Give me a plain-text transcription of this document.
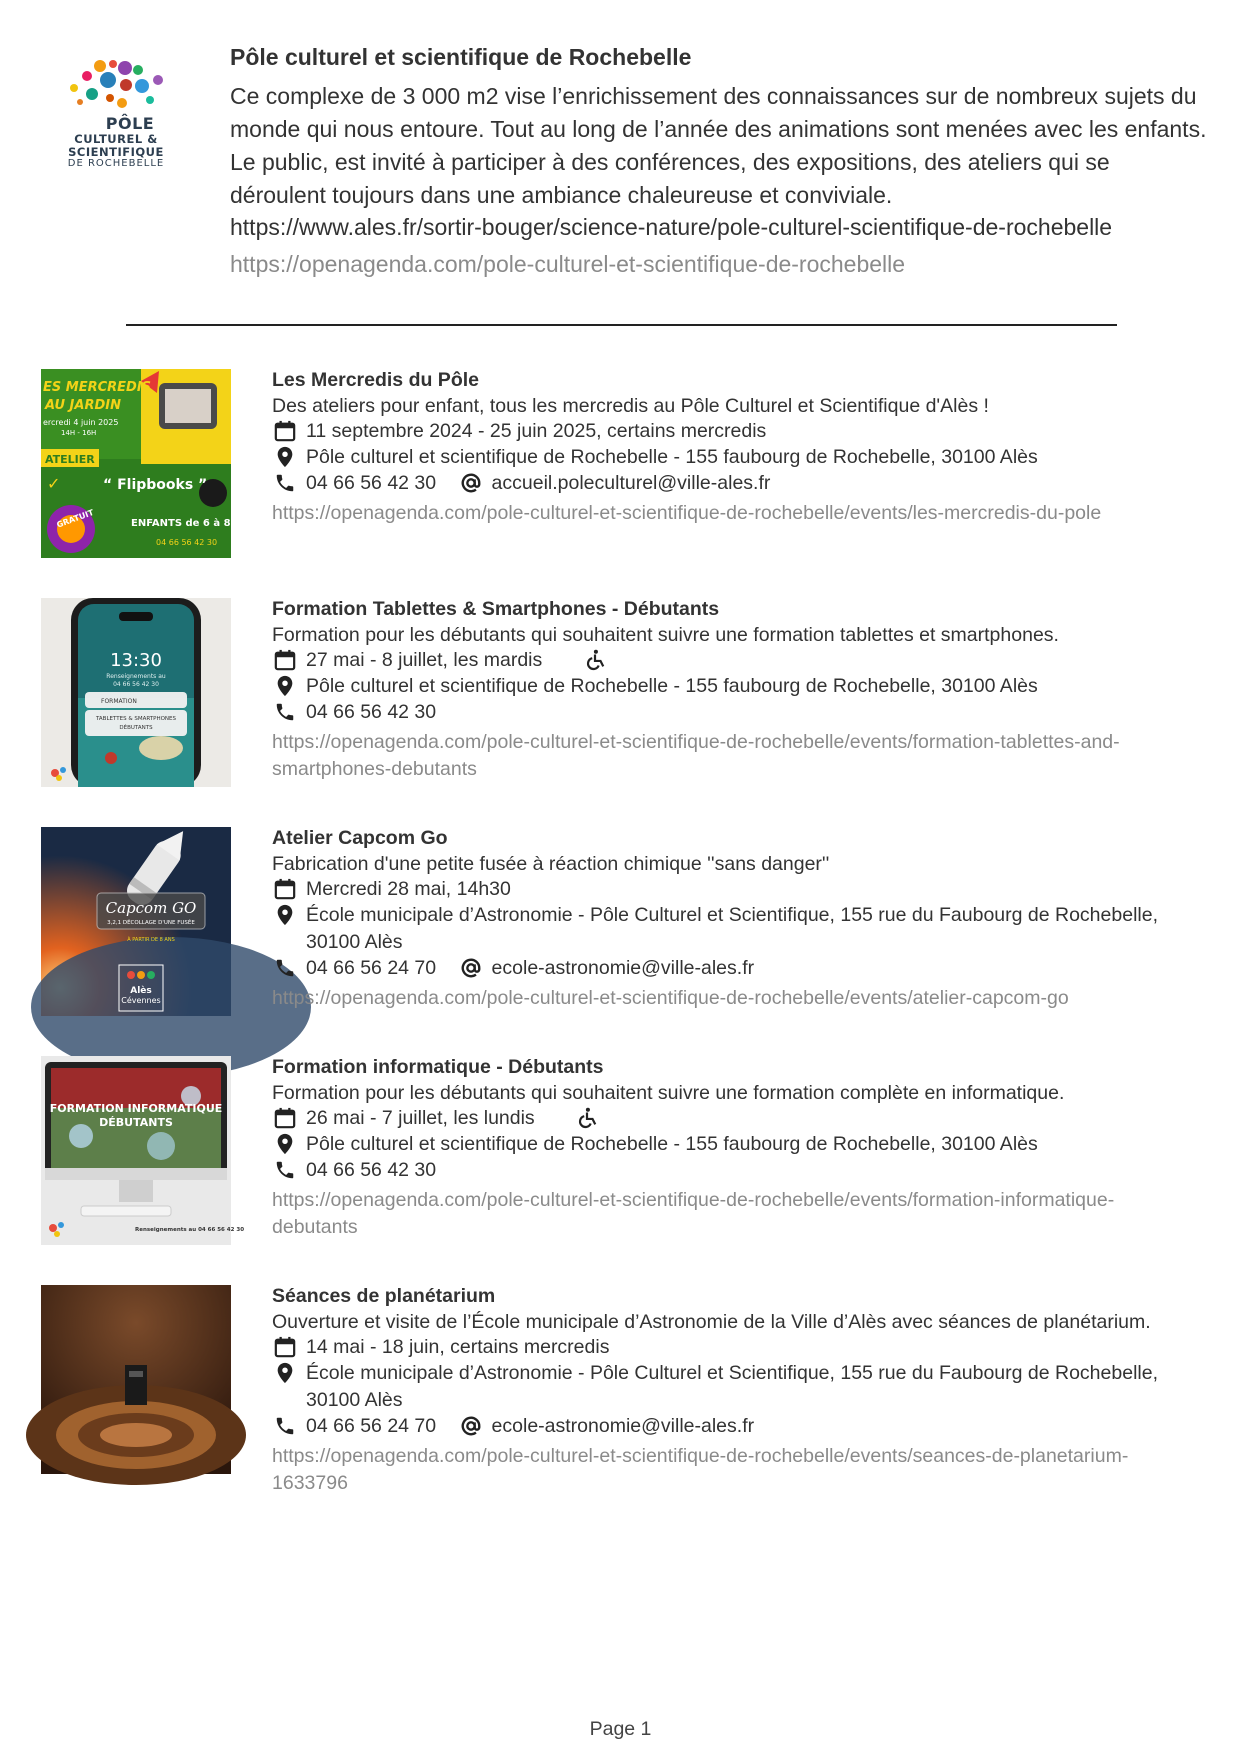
PÔLE
CULTUREL &
SCIENTIFIQUE
DE ROCHEBELLE
Pôle culturel et scientifique de Rochebelle
Ce complexe de 3 000 m2 vise l’enrichissement des connaissances sur de nombreux sujets du monde qui nous entoure. Tout au long de l’année des animations sont menées avec les enfants. Le public, est invité à participer à des conférences, des expositions, des ateliers qui se déroulent toujours dans une ambiance chaleureuse et conviviale.
https://www.ales.fr/sortir-bouger/science-nature/pole-culturel-scientifique-de-rochebelle
https://openagenda.com/pole-culturel-et-scientifique-de-rochebelle
ES MERCREDIS
AU JARDIN
ercredi 4 juin 2025
14H - 16H
ATELIER
✓	“ Flipbooks ”
GRATUIT	ENFANTS de 6 à 8 a
04 66 56 42 30
Les Mercredis du Pôle
Des ateliers pour enfant, tous les mercredis au Pôle Culturel et Scientifique d'Alès !
11 septembre 2024 - 25 juin 2025, certains mercredis
Pôle culturel et scientifique de Rochebelle - 155 faubourg de Rochebelle, 30100 Alès
04 66 56 42 30	accueil.poleculturel@ville-ales.fr
https://openagenda.com/pole-culturel-et-scientifique-de-rochebelle/events/les-mercredis-du-pole
13:30
Renseignements au
04 66 56 42 30
FORMATION
TABLETTES & SMARTPHONES
DÉBUTANTS
Formation Tablettes & Smartphones - Débutants
Formation pour les débutants qui souhaitent suivre une formation tablettes et smartphones.
27 mai - 8 juillet, les mardis
Pôle culturel et scientifique de Rochebelle - 155 faubourg de Rochebelle, 30100 Alès
04 66 56 42 30
https://openagenda.com/pole-culturel-et-scientifique-de-rochebelle/events/formation-tablettes-and-smartphones-debutants
Capcom GO
3,2,1 DÉCOLLAGE D'UNE FUSÉE
À PARTIR DE 8 ANS
Alès
Cévennes
Atelier Capcom Go
Fabrication d'une petite fusée à réaction chimique ''sans danger''
Mercredi 28 mai, 14h30
École municipale d’Astronomie - Pôle Culturel et Scientifique, 155 rue du Faubourg de Rochebelle, 30100 Alès
04 66 56 24 70	ecole-astronomie@ville-ales.fr
https://openagenda.com/pole-culturel-et-scientifique-de-rochebelle/events/atelier-capcom-go
FORMATION INFORMATIQUE
DÉBUTANTS
Renseignements au 04 66 56 42 30
Formation informatique - Débutants
Formation pour les débutants qui souhaitent suivre une formation complète en informatique.
26 mai - 7 juillet, les lundis
Pôle culturel et scientifique de Rochebelle - 155 faubourg de Rochebelle, 30100 Alès
04 66 56 42 30
https://openagenda.com/pole-culturel-et-scientifique-de-rochebelle/events/formation-informatique-debutants
Séances de planétarium
Ouverture et visite de l’École municipale d’Astronomie de la Ville d’Alès avec séances de planétarium.
14 mai - 18 juin, certains mercredis
École municipale d’Astronomie - Pôle Culturel et Scientifique, 155 rue du Faubourg de Rochebelle, 30100 Alès
04 66 56 24 70	ecole-astronomie@ville-ales.fr
https://openagenda.com/pole-culturel-et-scientifique-de-rochebelle/events/seances-de-planetarium-1633796
Page 1
